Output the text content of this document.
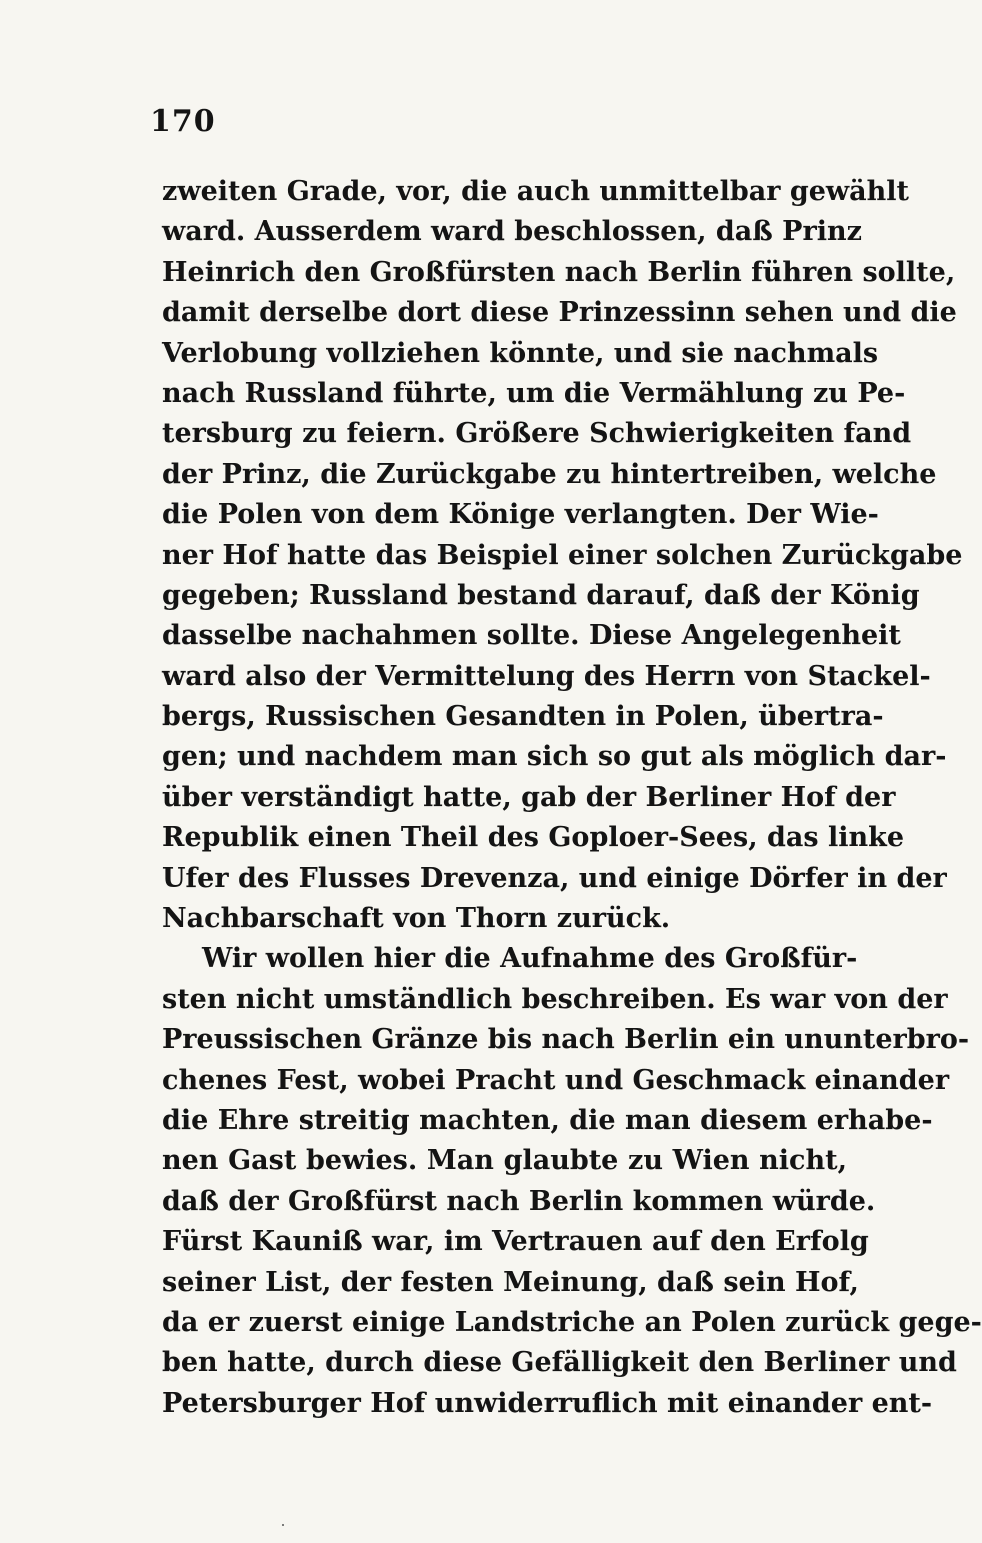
170

zweiten Grade, vor, die auch unmittelbar gewählt
ward. Ausserdem ward beschlossen, daß Prinz
Heinrich den Großfürsten nach Berlin führen sollte,
damit derselbe dort diese Prinzessinn sehen und die
Verlobung vollziehen könnte, und sie nachmals
nach Russland führte, um die Vermählung zu Pe-
tersburg zu feiern. Größere Schwierigkeiten fand
der Prinz, die Zurückgabe zu hintertreiben, welche
die Polen von dem Könige verlangten. Der Wie-
ner Hof hatte das Beispiel einer solchen Zurückgabe
gegeben; Russland bestand darauf, daß der König
dasselbe nachahmen sollte. Diese Angelegenheit
ward also der Vermittelung des Herrn von Stackel-
bergs, Russischen Gesandten in Polen, übertra-
gen; und nachdem man sich so gut als möglich dar-
über verständigt hatte, gab der Berliner Hof der
Republik einen Theil des Goploer-Sees, das linke
Ufer des Flusses Drevenza, und einige Dörfer in der
Nachbarschaft von Thorn zurück.
Wir wollen hier die Aufnahme des Großfür-
sten nicht umständlich beschreiben. Es war von der
Preussischen Gränze bis nach Berlin ein ununterbro-
chenes Fest, wobei Pracht und Geschmack einander
die Ehre streitig machten, die man diesem erhabe-
nen Gast bewies. Man glaubte zu Wien nicht,
daß der Großfürst nach Berlin kommen würde.
Fürst Kauniß war, im Vertrauen auf den Erfolg
seiner List, der festen Meinung, daß sein Hof,
da er zuerst einige Landstriche an Polen zurück gege-
ben hatte, durch diese Gefälligkeit den Berliner und
Petersburger Hof unwiderruflich mit einander ent-
